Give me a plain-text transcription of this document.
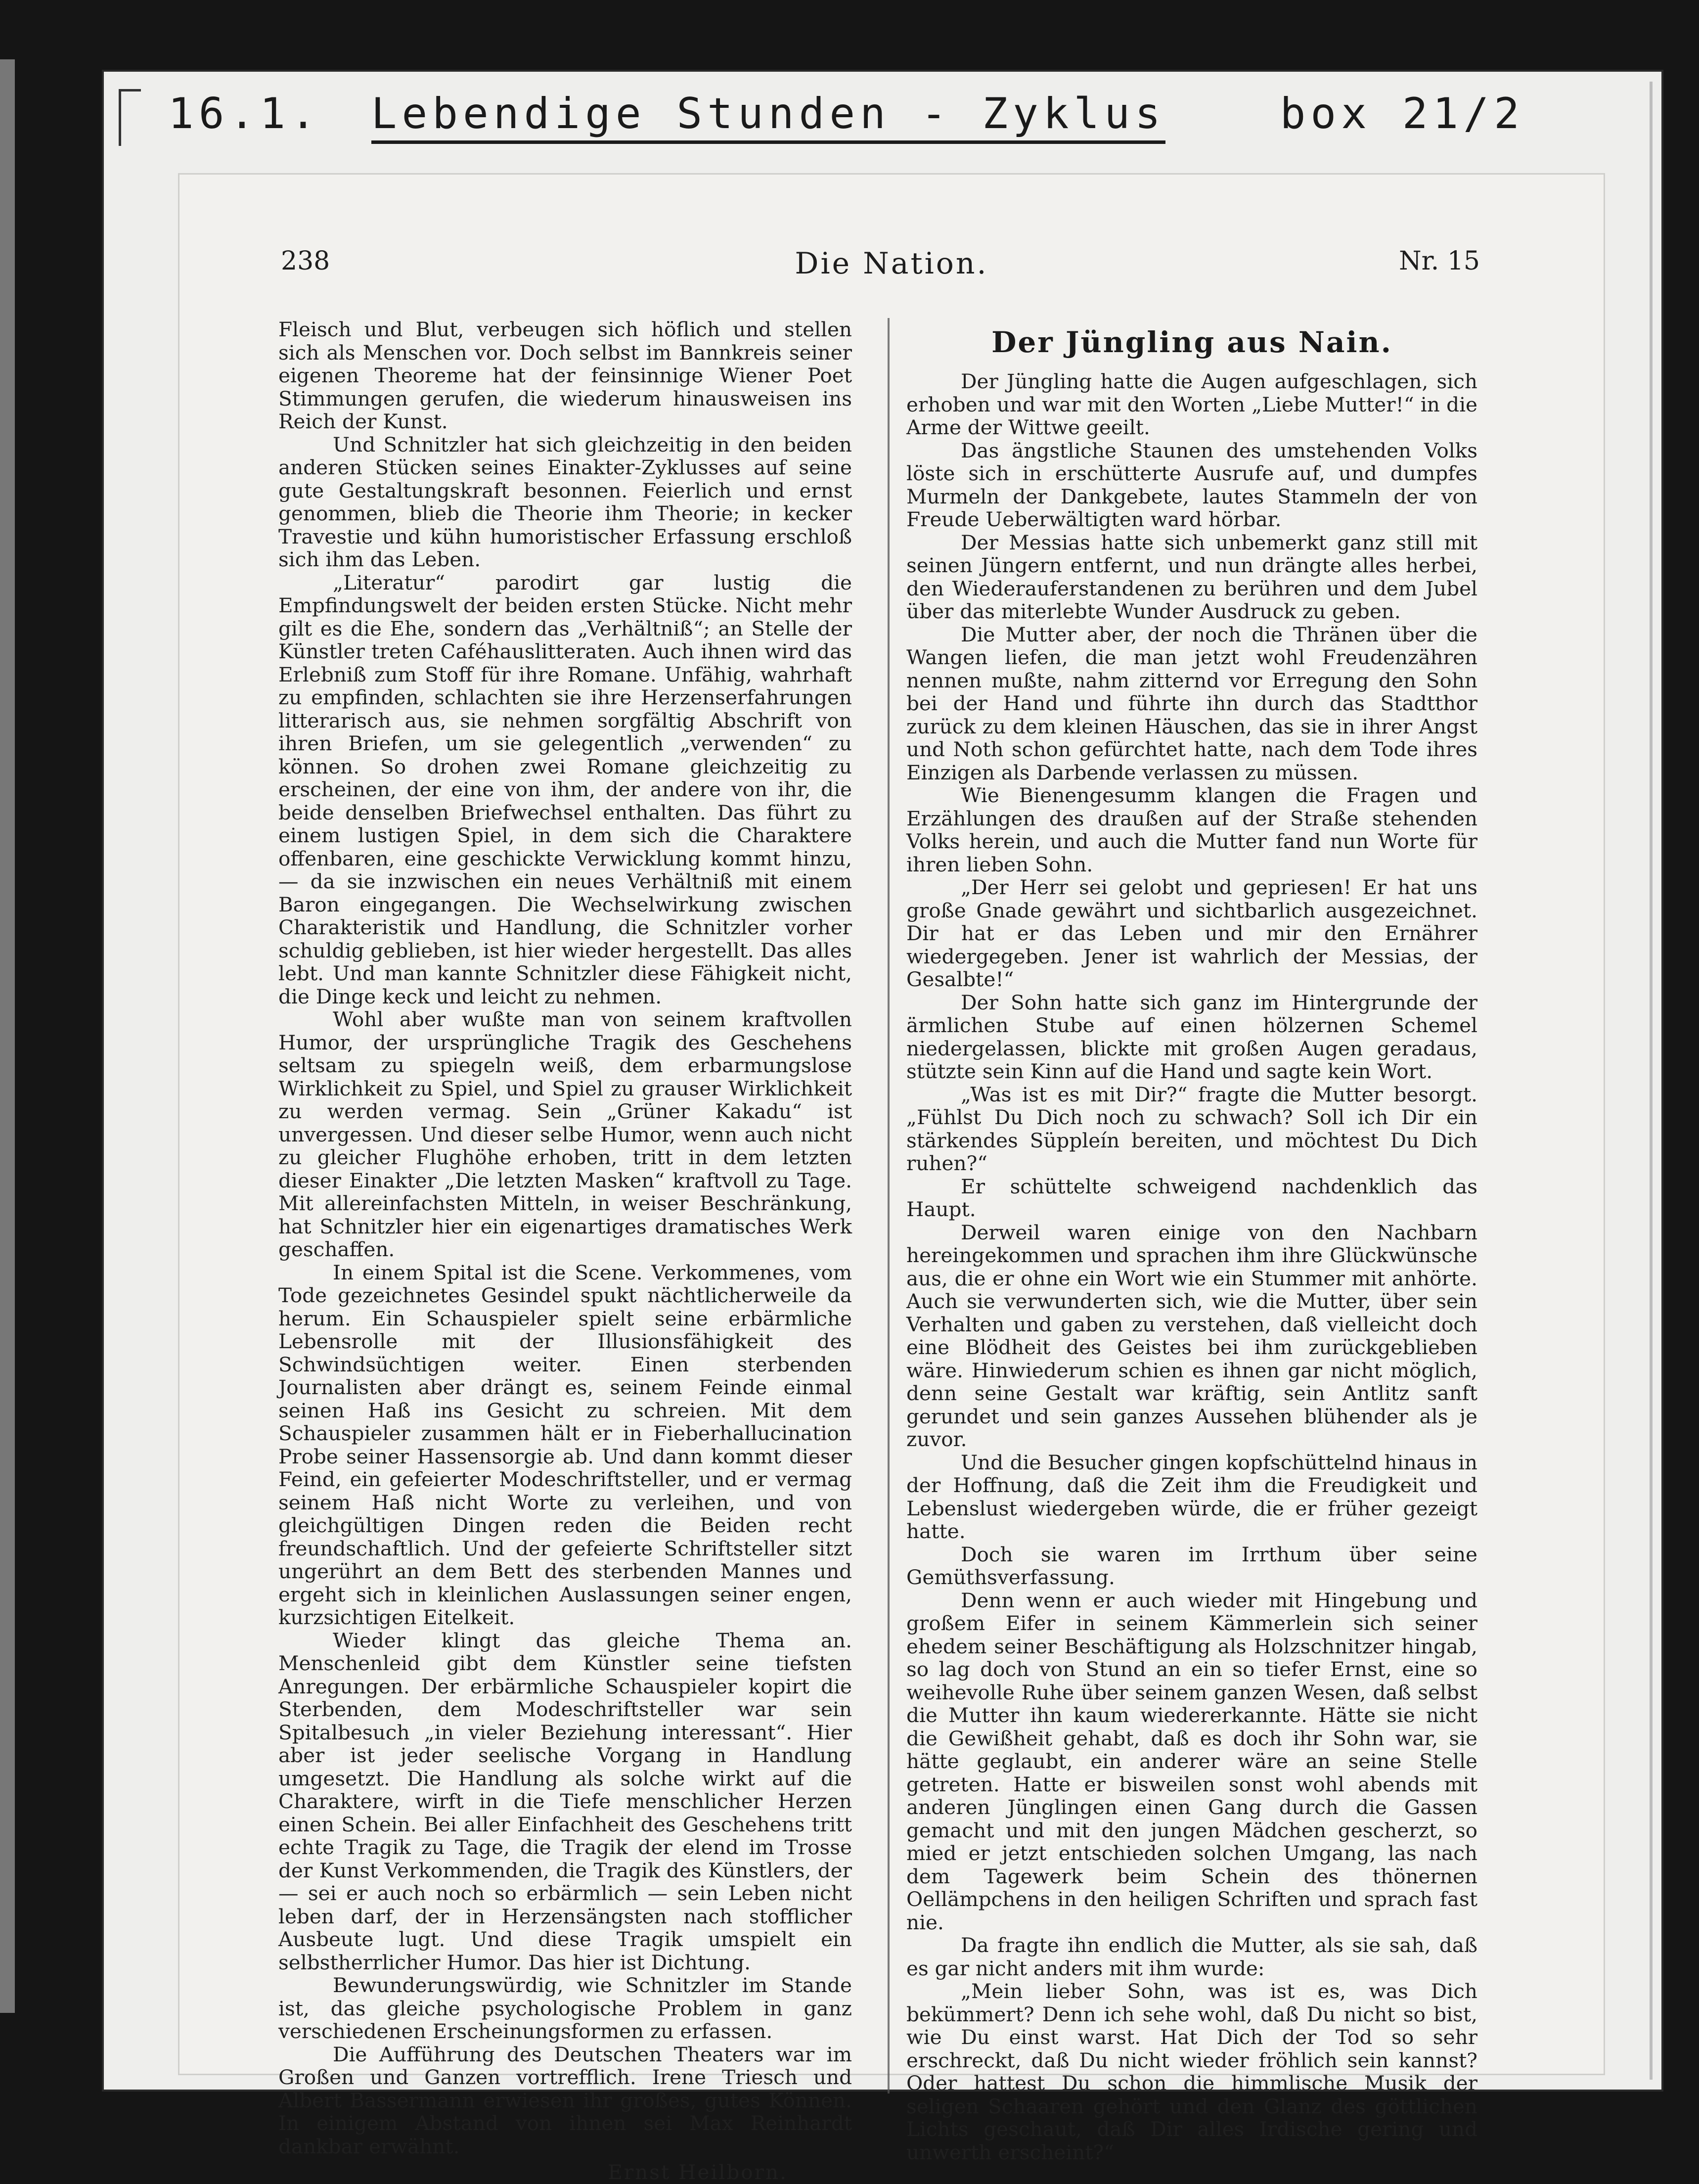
16.1. Lebendige Stunden - Zyklus	box 21/2
238	Die Nation.	Nr. 15

Fleisch und Blut, verbeugen sich höflich und stellen sich als Menschen vor. Doch selbst im Bannkreis seiner eigenen Theoreme hat der feinsinnige Wiener Poet Stimmungen gerufen, die wiederum hinausweisen ins Reich der Kunst.

Und Schnitzler hat sich gleichzeitig in den beiden anderen Stücken seines Einakter-Zyklusses auf seine gute Gestaltungskraft besonnen. Feierlich und ernst genommen, blieb die Theorie ihm Theorie; in kecker Travestie und kühn humoristischer Erfassung erschloß sich ihm das Leben.

„Literatur“ parodirt gar lustig die Empfindungswelt der beiden ersten Stücke. Nicht mehr gilt es die Ehe, sondern das „Verhältniß“; an Stelle der Künstler treten Caféhauslitteraten. Auch ihnen wird das Erlebniß zum Stoff für ihre Romane. Unfähig, wahrhaft zu empfinden, schlachten sie ihre Herzenserfahrungen litterarisch aus, sie nehmen sorgfältig Abschrift von ihren Briefen, um sie gelegentlich „verwenden“ zu können. So drohen zwei Romane gleichzeitig zu erscheinen, der eine von ihm, der andere von ihr, die beide denselben Briefwechsel enthalten. Das führt zu einem lustigen Spiel, in dem sich die Charaktere offenbaren, eine geschickte Verwicklung kommt hinzu, — da sie inzwischen ein neues Verhältniß mit einem Baron eingegangen. Die Wechselwirkung zwischen Charakteristik und Handlung, die Schnitzler vorher schuldig geblieben, ist hier wieder hergestellt. Das alles lebt. Und man kannte Schnitzler diese Fähigkeit nicht, die Dinge keck und leicht zu nehmen.

Wohl aber wußte man von seinem kraftvollen Humor, der ursprüngliche Tragik des Geschehens seltsam zu spiegeln weiß, dem erbarmungslose Wirklichkeit zu Spiel, und Spiel zu grauser Wirklichkeit zu werden vermag. Sein „Grüner Kakadu“ ist unvergessen. Und dieser selbe Humor, wenn auch nicht zu gleicher Flughöhe erhoben, tritt in dem letzten dieser Einakter „Die letzten Masken“ kraftvoll zu Tage. Mit allereinfachsten Mitteln, in weiser Beschränkung, hat Schnitzler hier ein eigenartiges dramatisches Werk geschaffen.

In einem Spital ist die Scene. Verkommenes, vom Tode gezeichnetes Gesindel spukt nächtlicherweile da herum. Ein Schauspieler spielt seine erbärmliche Lebensrolle mit der Illusionsfähigkeit des Schwindsüchtigen weiter. Einen sterbenden Journalisten aber drängt es, seinem Feinde einmal seinen Haß ins Gesicht zu schreien. Mit dem Schauspieler zusammen hält er in Fieberhallucination Probe seiner Hassensorgie ab. Und dann kommt dieser Feind, ein gefeierter Modeschriftsteller, und er vermag seinem Haß nicht Worte zu verleihen, und von gleichgültigen Dingen reden die Beiden recht freundschaftlich. Und der gefeierte Schriftsteller sitzt ungerührt an dem Bett des sterbenden Mannes und ergeht sich in kleinlichen Auslassungen seiner engen, kurzsichtigen Eitelkeit.

Wieder klingt das gleiche Thema an. Menschenleid gibt dem Künstler seine tiefsten Anregungen. Der erbärmliche Schauspieler kopirt die Sterbenden, dem Modeschriftsteller war sein Spitalbesuch „in vieler Beziehung interessant“. Hier aber ist jeder seelische Vorgang in Handlung umgesetzt. Die Handlung als solche wirkt auf die Charaktere, wirft in die Tiefe menschlicher Herzen einen Schein. Bei aller Einfachheit des Geschehens tritt echte Tragik zu Tage, die Tragik der elend im Trosse der Kunst Verkommenden, die Tragik des Künstlers, der — sei er auch noch so erbärmlich — sein Leben nicht leben darf, der in Herzensängsten nach stofflicher Ausbeute lugt. Und diese Tragik umspielt ein selbstherrlicher Humor. Das hier ist Dichtung.

Bewunderungswürdig, wie Schnitzler im Stande ist, das gleiche psychologische Problem in ganz verschiedenen Erscheinungsformen zu erfassen.

Die Aufführung des Deutschen Theaters war im Großen und Ganzen vortrefflich. Irene Triesch und Albert Bassermann erwiesen ihr großes, gutes Können. In einigem Abstand von ihnen sei Max Reinhardt dankbar erwähnt.

Ernst Heilborn.

Der Jüngling aus Nain.

Der Jüngling hatte die Augen aufgeschlagen, sich erhoben und war mit den Worten „Liebe Mutter!“ in die Arme der Wittwe geeilt.

Das ängstliche Staunen des umstehenden Volks löste sich in erschütterte Ausrufe auf, und dumpfes Murmeln der Dankgebete, lautes Stammeln der von Freude Ueberwältigten ward hörbar.

Der Messias hatte sich unbemerkt ganz still mit seinen Jüngern entfernt, und nun drängte alles herbei, den Wiederauferstandenen zu berühren und dem Jubel über das miterlebte Wunder Ausdruck zu geben.

Die Mutter aber, der noch die Thränen über die Wangen liefen, die man jetzt wohl Freudenzähren nennen mußte, nahm zitternd vor Erregung den Sohn bei der Hand und führte ihn durch das Stadtthor zurück zu dem kleinen Häuschen, das sie in ihrer Angst und Noth schon gefürchtet hatte, nach dem Tode ihres Einzigen als Darbende verlassen zu müssen.

Wie Bienengesumm klangen die Fragen und Erzählungen des draußen auf der Straße stehenden Volks herein, und auch die Mutter fand nun Worte für ihren lieben Sohn.

„Der Herr sei gelobt und gepriesen! Er hat uns große Gnade gewährt und sichtbarlich ausgezeichnet. Dir hat er das Leben und mir den Ernährer wiedergegeben. Jener ist wahrlich der Messias, der Gesalbte!“

Der Sohn hatte sich ganz im Hintergrunde der ärmlichen Stube auf einen hölzernen Schemel niedergelassen, blickte mit großen Augen geradaus, stützte sein Kinn auf die Hand und sagte kein Wort.

„Was ist es mit Dir?“ fragte die Mutter besorgt. „Fühlst Du Dich noch zu schwach? Soll ich Dir ein stärkendes Süppleín bereiten, und möchtest Du Dich ruhen?“

Er schüttelte schweigend nachdenklich das Haupt.

Derweil waren einige von den Nachbarn hereingekommen und sprachen ihm ihre Glückwünsche aus, die er ohne ein Wort wie ein Stummer mit anhörte. Auch sie verwunderten sich, wie die Mutter, über sein Verhalten und gaben zu verstehen, daß vielleicht doch eine Blödheit des Geistes bei ihm zurückgeblieben wäre. Hinwiederum schien es ihnen gar nicht möglich, denn seine Gestalt war kräftig, sein Antlitz sanft gerundet und sein ganzes Aussehen blühender als je zuvor.

Und die Besucher gingen kopfschüttelnd hinaus in der Hoffnung, daß die Zeit ihm die Freudigkeit und Lebenslust wiedergeben würde, die er früher gezeigt hatte.

Doch sie waren im Irrthum über seine Gemüthsverfassung.

Denn wenn er auch wieder mit Hingebung und großem Eifer in seinem Kämmerlein sich seiner ehedem seiner Beschäftigung als Holzschnitzer hingab, so lag doch von Stund an ein so tiefer Ernst, eine so weihevolle Ruhe über seinem ganzen Wesen, daß selbst die Mutter ihn kaum wiedererkannte. Hätte sie nicht die Gewißheit gehabt, daß es doch ihr Sohn war, sie hätte geglaubt, ein anderer wäre an seine Stelle getreten. Hatte er bisweilen sonst wohl abends mit anderen Jünglingen einen Gang durch die Gassen gemacht und mit den jungen Mädchen gescherzt, so mied er jetzt entschieden solchen Umgang, las nach dem Tagewerk beim Schein des thönernen Oellämpchens in den heiligen Schriften und sprach fast nie.

Da fragte ihn endlich die Mutter, als sie sah, daß es gar nicht anders mit ihm wurde:

„Mein lieber Sohn, was ist es, was Dich bekümmert? Denn ich sehe wohl, daß Du nicht so bist, wie Du einst warst. Hat Dich der Tod so sehr erschreckt, daß Du nicht wieder fröhlich sein kannst? Oder hattest Du schon die himmlische Musik der seligen Schaaren gehört und den Glanz des göttlichen Lichts geschaut, daß Dir alles Irdische gering und unwerth erscheint?“
